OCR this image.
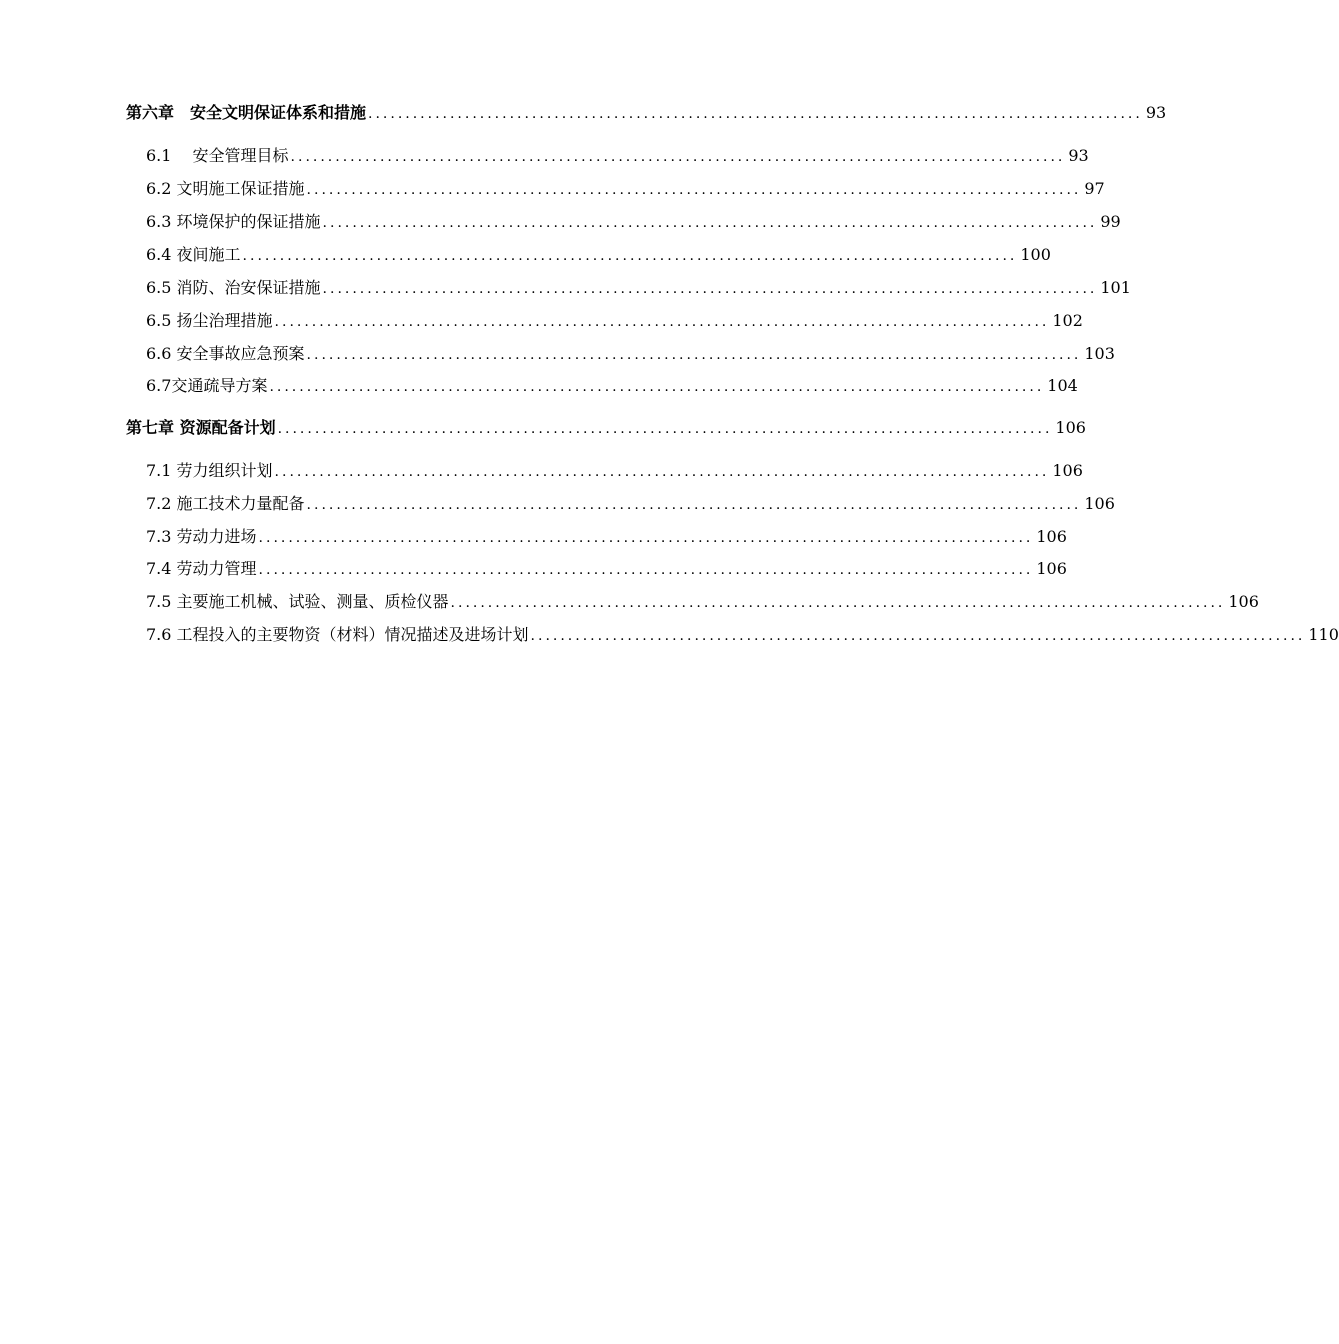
第六章　安全文明保证体系和措施 ........................................................................................................ 93
6.1　 安全管理目标 ........................................................................................................ 93
6.2 文明施工保证措施 ........................................................................................................ 97
6.3 环境保护的保证措施 ........................................................................................................ 99
6.4 夜间施工 ........................................................................................................ 100
6.5 消防、治安保证措施 ........................................................................................................ 101
6.5 扬尘治理措施 ........................................................................................................ 102
6.6 安全事故应急预案 ........................................................................................................ 103
6.7交通疏导方案 ........................................................................................................ 104
第七章 资源配备计划 ........................................................................................................ 106
7.1 劳力组织计划 ........................................................................................................ 106
7.2 施工技术力量配备 ........................................................................................................ 106
7.3 劳动力进场 ........................................................................................................ 106
7.4 劳动力管理 ........................................................................................................ 106
7.5 主要施工机械、试验、测量、质检仪器 ........................................................................................................ 106
7.6 工程投入的主要物资（材料）情况描述及进场计划 ........................................................................................................ 110
